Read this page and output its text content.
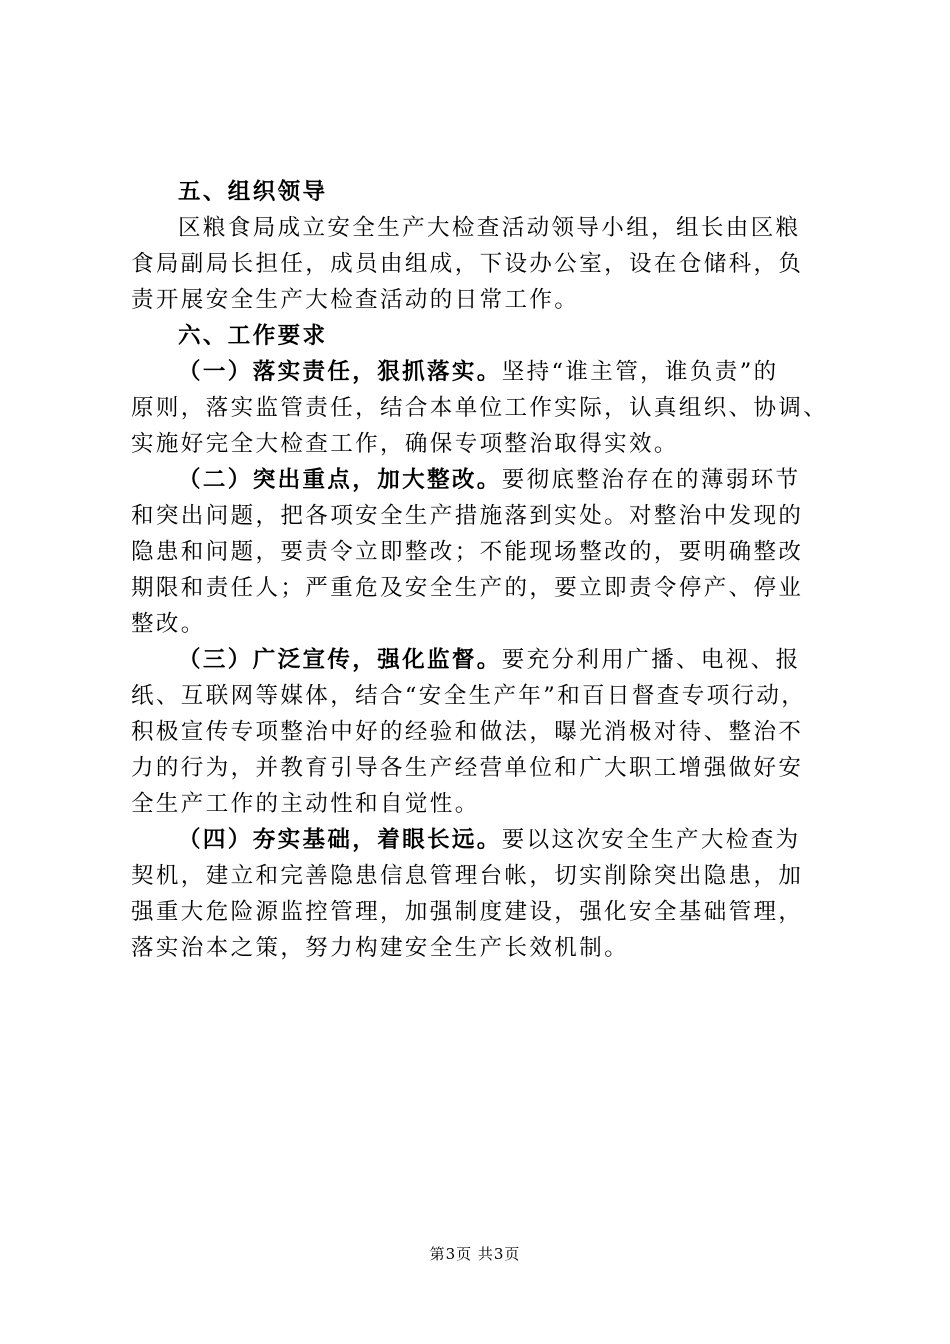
五、组织领导
区粮食局成立安全生产大检查活动领导小组，组长由区粮
食局副局长担任，成员由组成，下设办公室，设在仓储科，负
责开展安全生产大检查活动的日常工作。
六、工作要求
（一）落实责任，狠抓落实。坚持“谁主管，谁负责”的
原则，落实监管责任，结合本单位工作实际，认真组织、协调、
实施好完全大检查工作，确保专项整治取得实效。
（二）突出重点，加大整改。要彻底整治存在的薄弱环节
和突出问题，把各项安全生产措施落到实处。对整治中发现的
隐患和问题，要责令立即整改；不能现场整改的，要明确整改
期限和责任人；严重危及安全生产的，要立即责令停产、停业
整改。
（三）广泛宣传，强化监督。要充分利用广播、电视、报
纸、互联网等媒体，结合“安全生产年”和百日督查专项行动，
积极宣传专项整治中好的经验和做法，曝光消极对待、整治不
力的行为，并教育引导各生产经营单位和广大职工增强做好安
全生产工作的主动性和自觉性。
（四）夯实基础，着眼长远。要以这次安全生产大检查为
契机，建立和完善隐患信息管理台帐，切实削除突出隐患，加
强重大危险源监控管理，加强制度建设，强化安全基础管理，
落实治本之策，努力构建安全生产长效机制。
第3页 共3页
